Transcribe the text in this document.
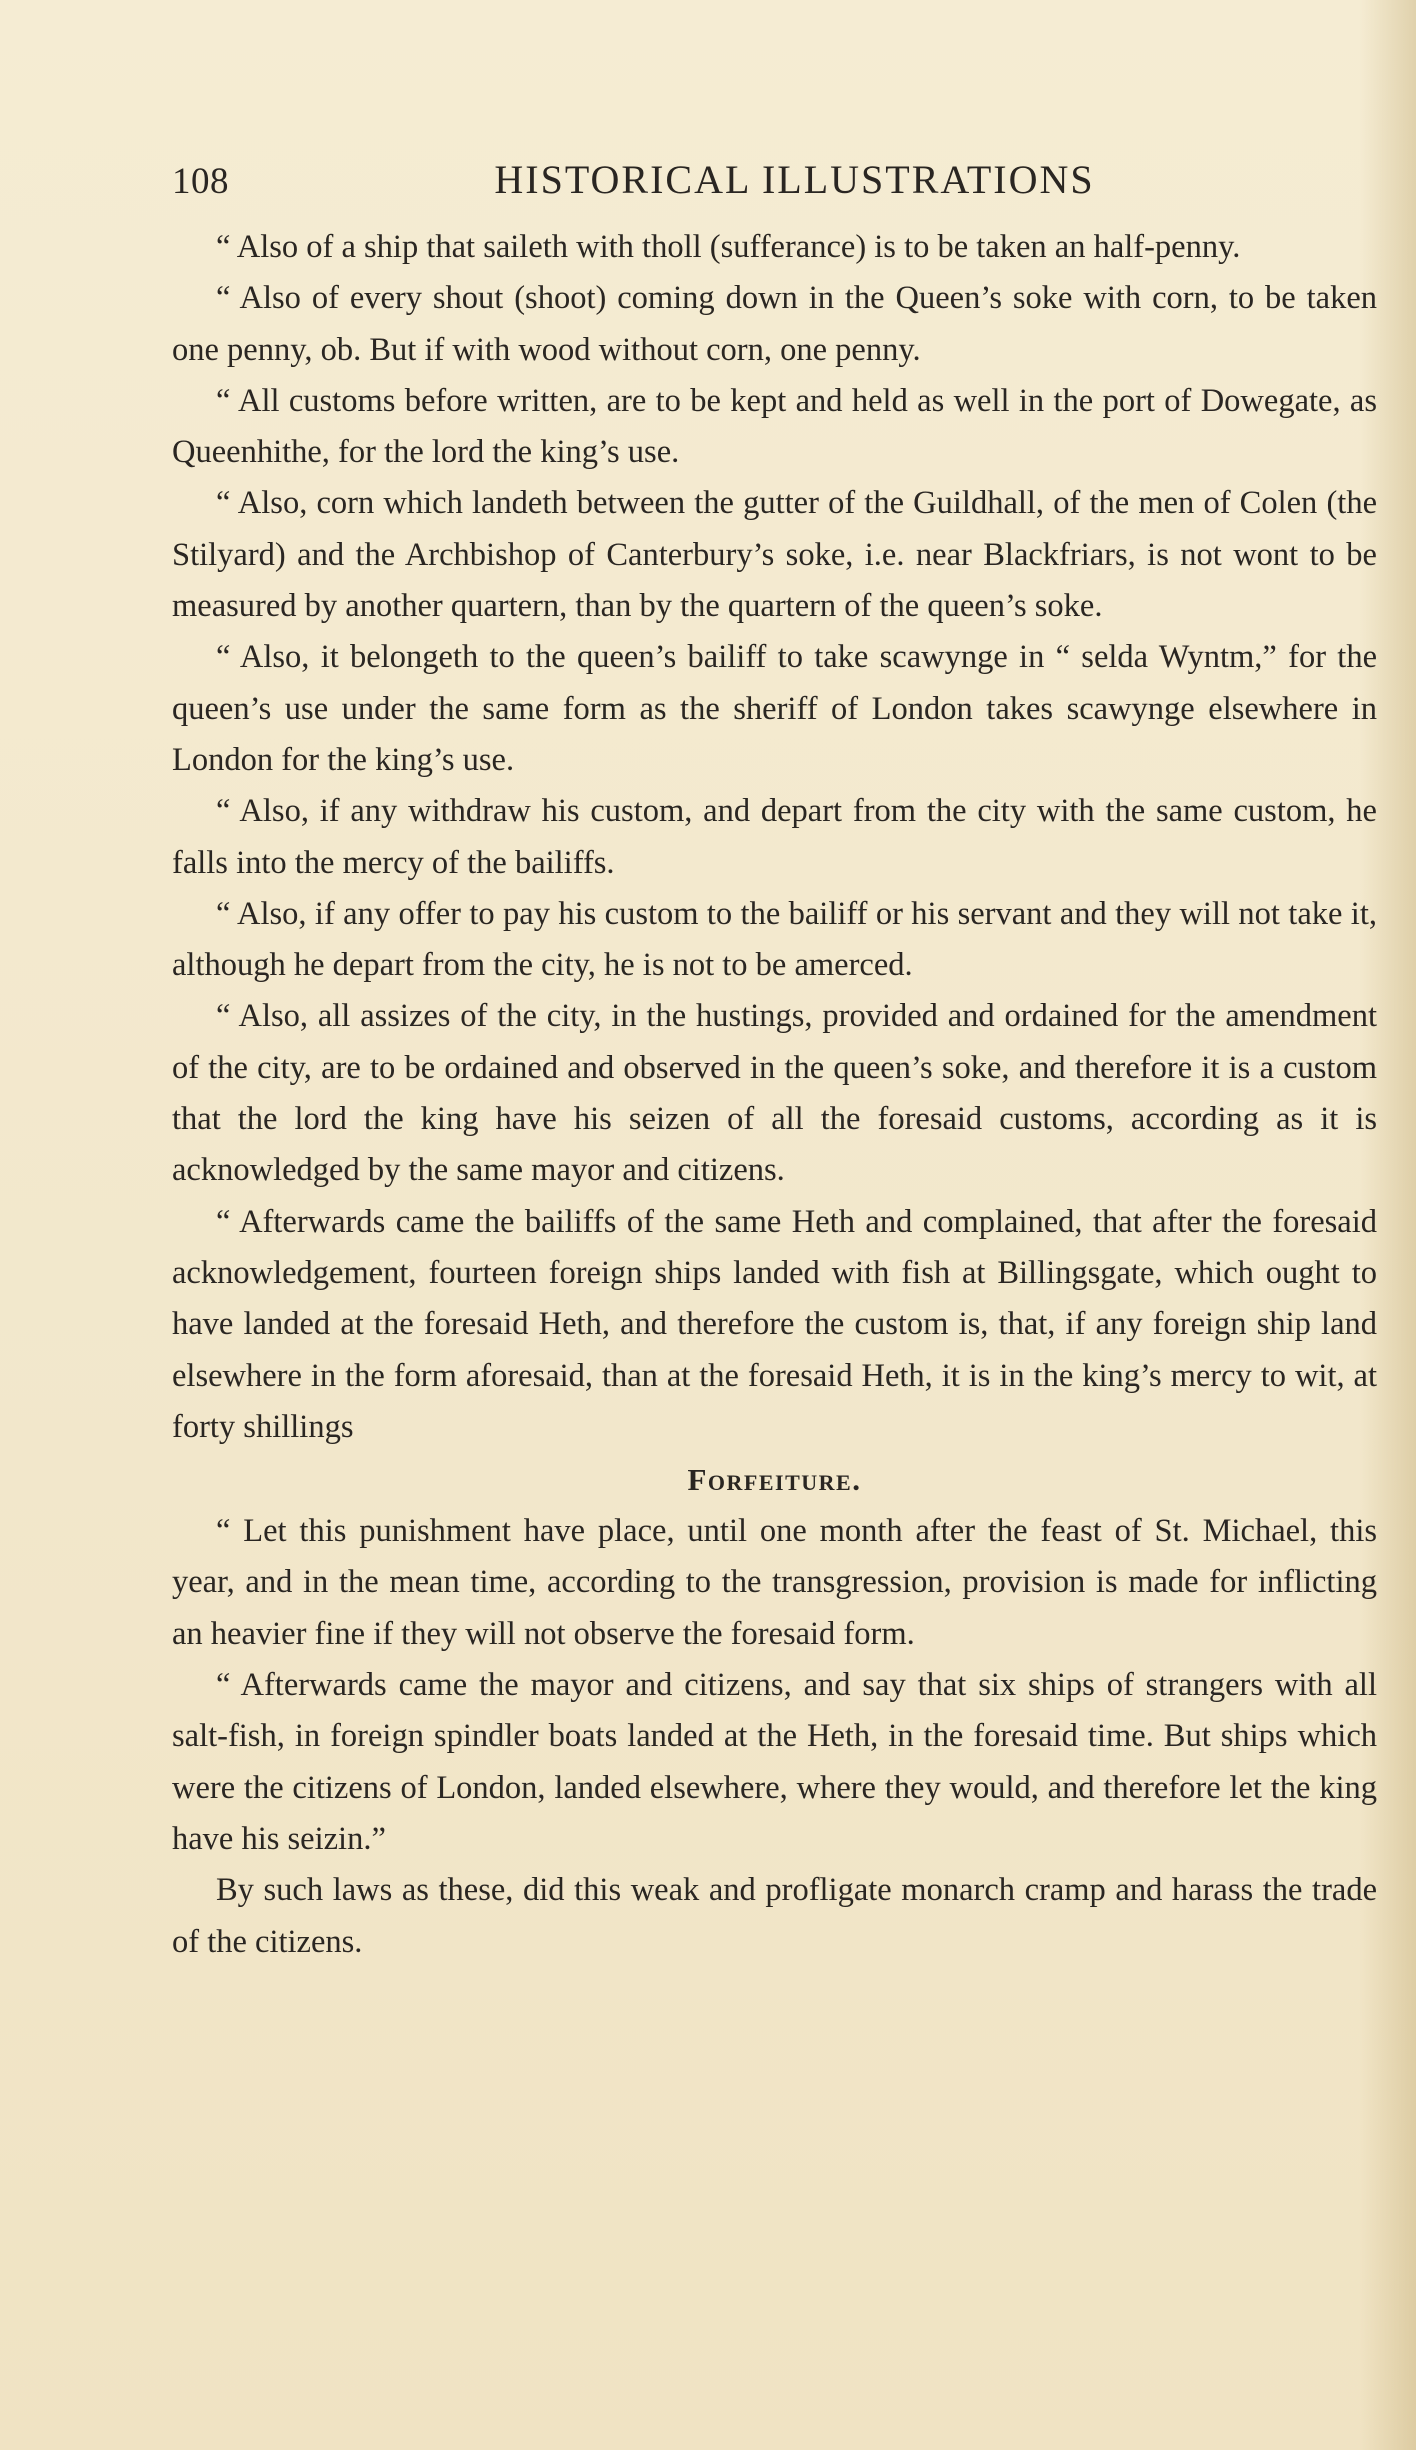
108	HISTORICAL ILLUSTRATIONS

“ Also of a ship that saileth with tholl (sufferance) is to be taken an half-penny.

“ Also of every shout (shoot) coming down in the Queen’s soke with corn, to be taken one penny, ob. But if with wood without corn, one penny.

“ All customs before written, are to be kept and held as well in the port of Dowegate, as Queenhithe, for the lord the king’s use.

“ Also, corn which landeth between the gutter of the Guildhall, of the men of Colen (the Stilyard) and the Archbishop of Canterbury’s soke, i.e. near Blackfriars, is not wont to be measured by another quartern, than by the quartern of the queen’s soke.

“ Also, it belongeth to the queen’s bailiff to take scawynge in “ selda Wyntm,” for the queen’s use under the same form as the sheriff of London takes scawynge elsewhere in London for the king’s use.

“ Also, if any withdraw his custom, and depart from the city with the same custom, he falls into the mercy of the bailiffs.

“ Also, if any offer to pay his custom to the bailiff or his servant and they will not take it, although he depart from the city, he is not to be amerced.

“ Also, all assizes of the city, in the hustings, provided and ordained for the amendment of the city, are to be ordained and observed in the queen’s soke, and therefore it is a custom that the lord the king have his seizen of all the foresaid customs, according as it is acknowledged by the same mayor and citizens.

“ Afterwards came the bailiffs of the same Heth and complained, that after the foresaid acknowledgement, fourteen foreign ships landed with fish at Billingsgate, which ought to have landed at the foresaid Heth, and therefore the custom is, that, if any foreign ship land elsewhere in the form aforesaid, than at the foresaid Heth, it is in the king’s mercy to wit, at forty shillings

Forfeiture.

“ Let this punishment have place, until one month after the feast of St. Michael, this year, and in the mean time, according to the transgression, provision is made for inflicting an heavier fine if they will not observe the foresaid form.

“ Afterwards came the mayor and citizens, and say that six ships of strangers with all salt-fish, in foreign spindler boats landed at the Heth, in the foresaid time. But ships which were the citizens of London, landed elsewhere, where they would, and therefore let the king have his seizin.”

By such laws as these, did this weak and profligate monarch cramp and harass the trade of the citizens.
